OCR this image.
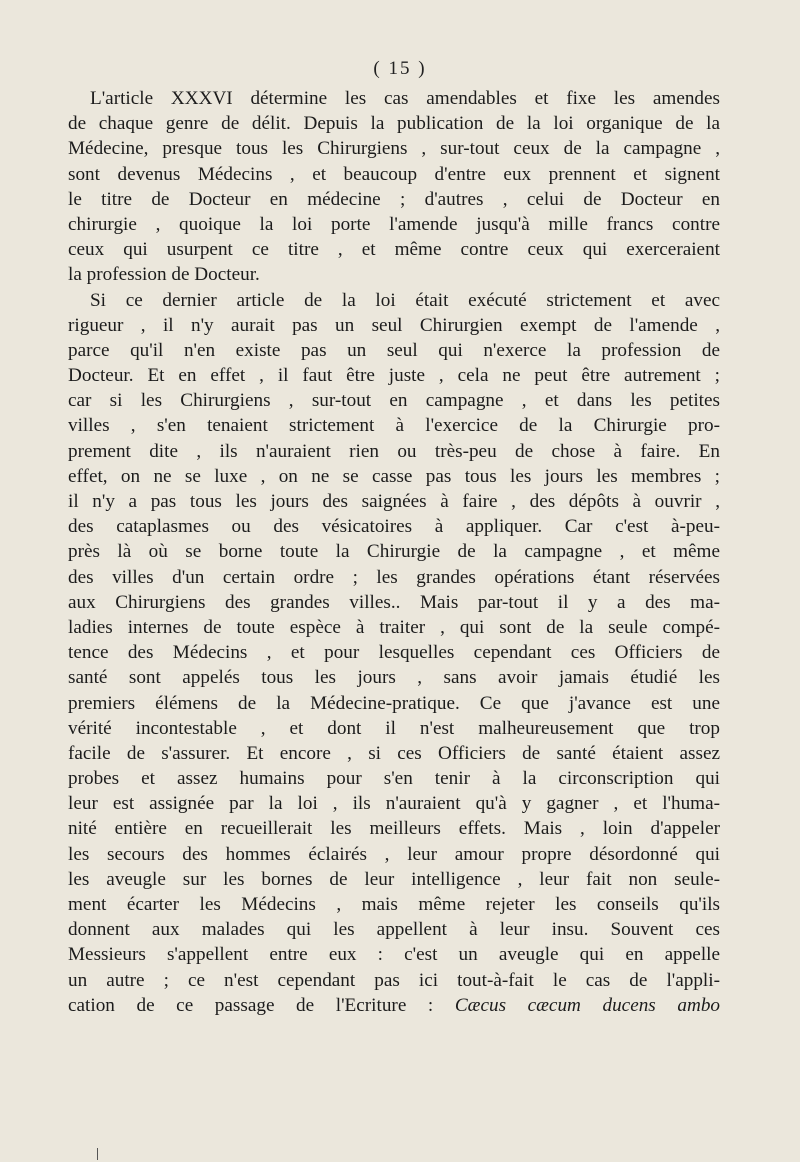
( 15 )
L'article XXXVI détermine les cas amendables et fixe les amendes
de chaque genre de délit. Depuis la publication de la loi organique de la
Médecine, presque tous les Chirurgiens , sur-tout ceux de la campagne ,
sont devenus Médecins , et beaucoup d'entre eux prennent et signent
le titre de Docteur en médecine ; d'autres , celui de Docteur en
chirurgie , quoique la loi porte l'amende jusqu'à mille francs contre
ceux qui usurpent ce titre , et même contre ceux qui exerceraient
la profession de Docteur.
Si ce dernier article de la loi était exécuté strictement et avec
rigueur , il n'y aurait pas un seul Chirurgien exempt de l'amende ,
parce qu'il n'en existe pas un seul qui n'exerce la profession de
Docteur. Et en effet , il faut être juste , cela ne peut être autrement ;
car si les Chirurgiens , sur-tout en campagne , et dans les petites
villes , s'en tenaient strictement à l'exercice de la Chirurgie pro-
prement dite , ils n'auraient rien ou très-peu de chose à faire. En
effet, on ne se luxe , on ne se casse pas tous les jours les membres ;
il n'y a pas tous les jours des saignées à faire , des dépôts à ouvrir ,
des cataplasmes ou des vésicatoires à appliquer. Car c'est à-peu-
près là où se borne toute la Chirurgie de la campagne , et même
des villes d'un certain ordre ; les grandes opérations étant réservées
aux Chirurgiens des grandes villes.. Mais par-tout il y a des ma-
ladies internes de toute espèce à traiter , qui sont de la seule compé-
tence des Médecins , et pour lesquelles cependant ces Officiers de
santé sont appelés tous les jours , sans avoir jamais étudié les
premiers élémens de la Médecine-pratique. Ce que j'avance est une
vérité incontestable , et dont il n'est malheureusement que trop
facile de s'assurer. Et encore , si ces Officiers de santé étaient assez
probes et assez humains pour s'en tenir à la circonscription qui
leur est assignée par la loi , ils n'auraient qu'à y gagner , et l'huma-
nité entière en recueillerait les meilleurs effets. Mais , loin d'appeler
les secours des hommes éclairés , leur amour propre désordonné qui
les aveugle sur les bornes de leur intelligence , leur fait non seule-
ment écarter les Médecins , mais même rejeter les conseils qu'ils
donnent aux malades qui les appellent à leur insu. Souvent ces
Messieurs s'appellent entre eux : c'est un aveugle qui en appelle
un autre ; ce n'est cependant pas ici tout-à-fait le cas de l'appli-
cation de ce passage de l'Ecriture : Cæcus cæcum ducens ambo
